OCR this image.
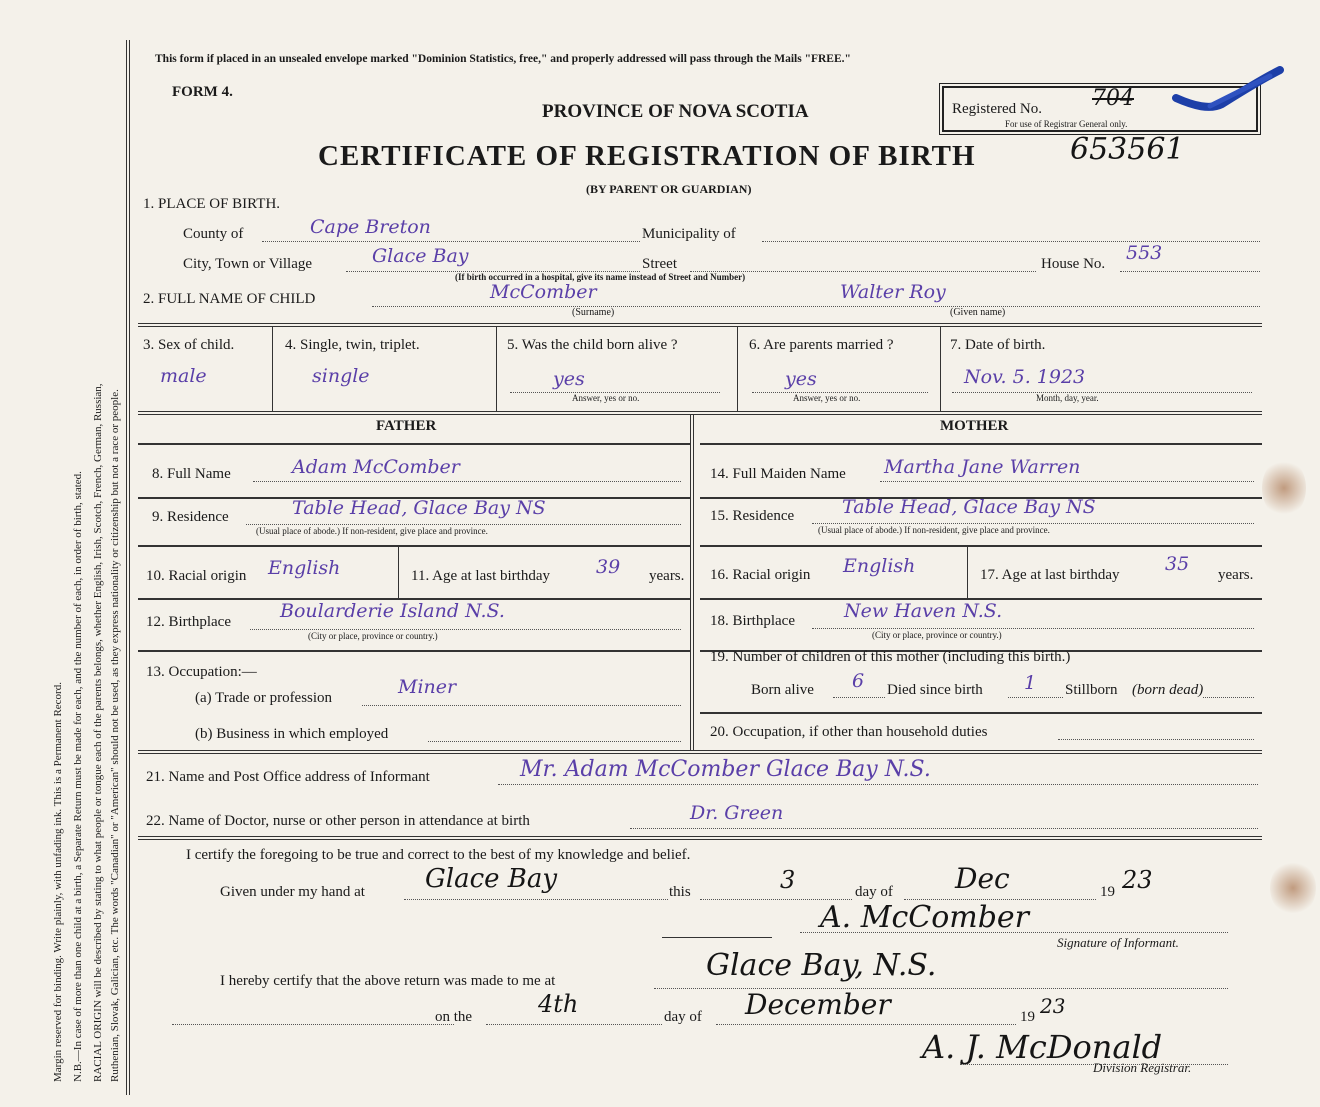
Margin reserved for binding. Write plainly, with unfading ink. This is a Permanent Record. N.B.—In case of more than one child at a birth, a Separate Return must be made for each, and the number of each, in order of birth, stated. RACIAL ORIGIN will be described by stating to what people or tongue each of the parents belongs, whether English, Irish, Scotch, French, German, Russian, Ruthenian, Slovak, Galician, etc. The words "Canadian" or "American" should not be used, as they express nationality or citizenship but not a race or people.
This form if placed in an unsealed envelope marked "Dominion Statistics, free," and properly addressed will pass through the Mails "FREE."
FORM 4.
PROVINCE OF NOVA SCOTIA
CERTIFICATE OF REGISTRATION OF BIRTH	653561
(BY PARENT OR GUARDIAN)
Registered No. 704
For use of Registrar General only.
1. PLACE OF BIRTH.
County of	Cape Breton	Municipality of
City, Town or Village	Glace Bay	Street	House No. 553
(If birth occurred in a hospital, give its name instead of Street and Number)
2. FULL NAME OF CHILD	McComber	Walter Roy
(Surname)	(Given name)
3. Sex of child.
male
4. Single, twin, triplet.
single
5. Was the child born alive ?
yes
Answer, yes or no.
6. Are parents married ?
yes
Answer, yes or no.
7. Date of birth.
Nov. 5. 1923
Month, day, year.
FATHER	MOTHER
8. Full Name	Adam McComber	14. Full Maiden Name Martha Jane Warren
9. Residence	Table Head, Glace Bay NS
(Usual place of abode.) If non-resident, give place and province.
15. Residence	Table Head, Glace Bay NS
(Usual place of abode.) If non-resident, give place and province.
10. Racial origin English	11. Age at last birthday 39 years. 16. Racial origin English	17. Age at last birthday 35 years.
12. Birthplace	Boularderie Island N.S.
(City or place, province or country.)
18. Birthplace	New Haven N.S.
(City or place, province or country.)
13. Occupation:—
(a) Trade or profession	Miner
(b) Business in which employed
19. Number of children of this mother (including this birth.)
Born alive 6 Died since birth 1 Stillborn (born dead)
20. Occupation, if other than household duties
21. Name and Post Office address of Informant	Mr. Adam McComber Glace Bay N.S.
22. Name of Doctor, nurse or other person in attendance at birth	Dr. Green
I certify the foregoing to be true and correct to the best of my knowledge and belief.
Given under my hand at Glace Bay	this	3	day of Dec	19 23
A. McComber
Signature of Informant.
I hereby certify that the above return was made to me at	Glace Bay, N.S.
on the	4th	day of December	19 23
A. J. McDonald
Division Registrar.
